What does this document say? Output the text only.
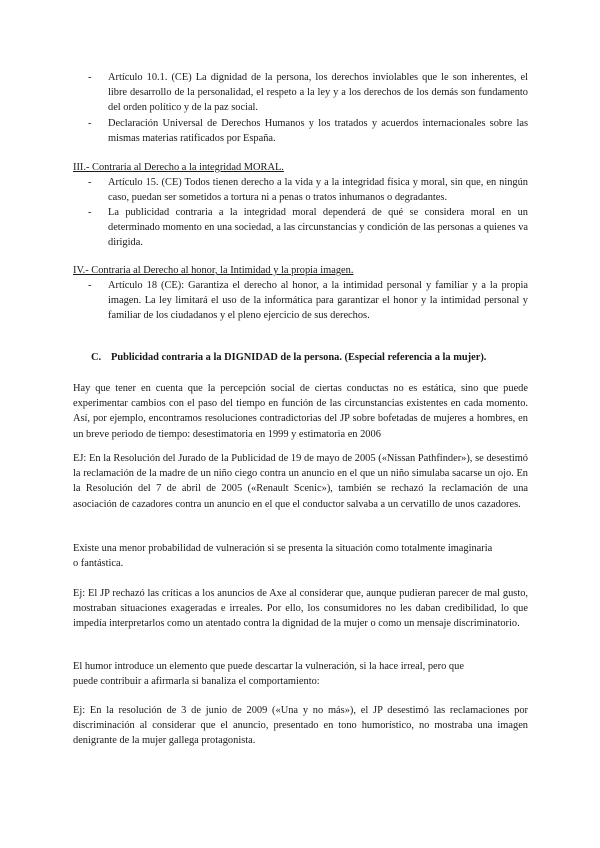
- Artículo 10.1. (CE) La dignidad de la persona, los derechos inviolables que le son inherentes, el libre desarrollo de la personalidad, el respeto a la ley y a los derechos de los demás son fundamento del orden político y de la paz social.
- Declaración Universal de Derechos Humanos y los tratados y acuerdos internacionales sobre las mismas materias ratificados por España.
III.- Contraria al Derecho a la integridad MORAL.
- Artículo 15. (CE) Todos tienen derecho a la vida y a la integridad física y moral, sin que, en ningún caso, puedan ser sometidos a tortura ni a penas o tratos inhumanos o degradantes.
- La publicidad contraria a la integridad moral dependerá de qué se considera moral en un determinado momento en una sociedad, a las circunstancias y condición de las personas a quienes va dirigida.
IV.- Contraria al Derecho al honor, la Intimidad y la propia imagen.
- Artículo 18 (CE): Garantiza el derecho al honor, a la intimidad personal y familiar y a la propia imagen. La ley limitará el uso de la informática para garantizar el honor y la intimidad personal y familiar de los ciudadanos y el pleno ejercicio de sus derechos.
C. Publicidad contraria a la DIGNIDAD de la persona. (Especial referencia a la mujer).

Hay que tener en cuenta que la percepción social de ciertas conductas no es estática, sino que puede experimentar cambios con el paso del tiempo en función de las circunstancias existentes en cada momento. Así, por ejemplo, encontramos resoluciones contradictorias del JP sobre bofetadas de mujeres a hombres, en un breve periodo de tiempo: desestimatoria en 1999 y estimatoria en 2006

EJ: En la Resolución del Jurado de la Publicidad de 19 de mayo de 2005 («Nissan Pathfinder»), se desestimó la reclamación de la madre de un niño ciego contra un anuncio en el que un niño simulaba sacarse un ojo. En la Resolución del 7 de abril de 2005 («Renault Scenic»), también se rechazó la reclamación de una asociación de cazadores contra un anuncio en el que el conductor salvaba a un cervatillo de unos cazadores.

Existe una menor probabilidad de vulneración si se presenta la situación como totalmente imaginaria o fantástica.

Ej: El JP rechazó las críticas a los anuncios de Axe al considerar que, aunque pudieran parecer de mal gusto, mostraban situaciones exageradas e irreales. Por ello, los consumidores no les daban credibilidad, lo que impedía interpretarlos como un atentado contra la dignidad de la mujer o como un mensaje discriminatorio.

El humor introduce un elemento que puede descartar la vulneración, si la hace irreal, pero que puede contribuir a afirmarla si banaliza el comportamiento:

Ej: En la resolución de 3 de junio de 2009 («Una y no más»), el JP desestimó las reclamaciones por discriminación al considerar que el anuncio, presentado en tono humorístico, no mostraba una imagen denigrante de la mujer gallega protagonista.
